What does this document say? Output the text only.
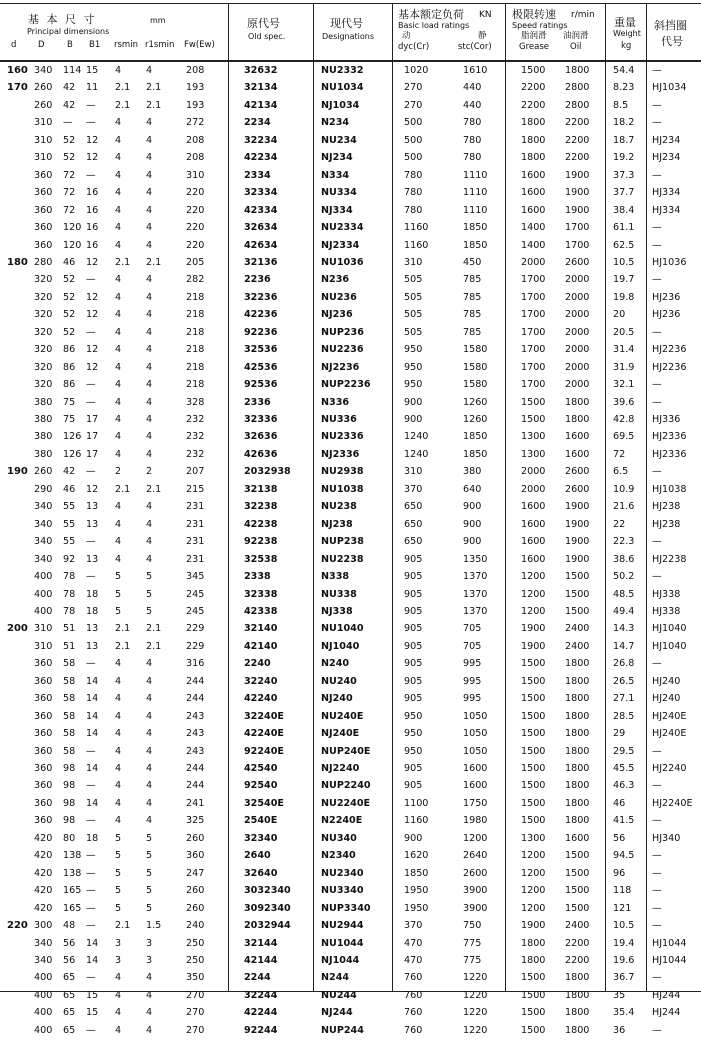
基 本 尺 寸
Principal dimensions
mm
d	D	B B1 rsmin r1smin Fw(Ew)
原代号
Old spec.
现代号
Designations
基本额定负荷 KN
Basic load ratings
动
dyc(Cr)
静
stc(Cor)
极限转速 r/min
Speed ratings
脂润滑
Grease
油润滑
Oil
重量
Weight
kg
斜挡圈
代号
160 340 114 15 4	4	208	32632	NU2332	1020	1610	1500 1800 54.4 —
170 260 42 11 2.1 2.1	193	32134	NU1034	270	440	2200 2800 8.23 HJ1034
260 42 — 2.1 2.1	193	42134	NJ1034	270	440	2200 2800 8.5 —
310 — — 4	4	272	2234	N234	500	780	1800 2200 18.2 —
310 52 12 4	4	208	32234	NU234	500	780	1800 2200 18.7 HJ234
310 52 12 4	4	208	42234	NJ234	500	780	1800 2200 19.2 HJ234
360 72 — 4	4	310	2334	N334	780	1110	1600 1900 37.3 —
360 72 16 4	4	220	32334	NU334	780	1110	1600 1900 37.7 HJ334
360 72 16 4	4	220	42334	NJ334	780	1110	1600 1900 38.4 HJ334
360 120 16 4	4	220	32634	NU2334	1160	1850	1400 1700 61.1 —
360 120 16 4	4	220	42634	NJ2334	1160	1850	1400 1700 62.5 —
180 280 46 12 2.1 2.1	205	32136	NU1036	310	450	2000 2600 10.5 HJ1036
320 52 — 4	4	282	2236	N236	505	785	1700 2000 19.7 —
320 52 12 4	4	218	32236	NU236	505	785	1700 2000 19.8 HJ236
320 52 12 4	4	218	42236	NJ236	505	785	1700 2000 20	HJ236
320 52 — 4	4	218	92236	NUP236	505	785	1700 2000 20.5 —
320 86 12 4	4	218	32536	NU2236	950	1580	1700 2000 31.4 HJ2236
320 86 12 4	4	218	42536	NJ2236	950	1580	1700 2000 31.9 HJ2236
320 86 — 4	4	218	92536	NUP2236	950	1580	1700 2000 32.1 —
380 75 — 4	4	328	2336	N336	900	1260	1500 1800 39.6 —
380 75 17 4	4	232	32336	NU336	900	1260	1500 1800 42.8 HJ336
380 126 17 4	4	232	32636	NU2336	1240	1850	1300 1600 69.5 HJ2336
380 126 17 4	4	232	42636	NJ2336	1240	1850	1300 1600 72	HJ2336
190 260 42 — 2	2	207	2032938	NU2938	310	380	2000 2600 6.5 —
290 46 12 2.1 2.1	215	32138	NU1038	370	640	2000 2600 10.9 HJ1038
340 55 13 4	4	231	32238	NU238	650	900	1600 1900 21.6 HJ238
340 55 13 4	4	231	42238	NJ238	650	900	1600 1900 22	HJ238
340 55 — 4	4	231	92238	NUP238	650	900	1600 1900 22.3 —
340 92 13 4	4	231	32538	NU2238	905	1350	1600 1900 38.6 HJ2238
400 78 — 5	5	345	2338	N338	905	1370	1200 1500 50.2 —
400 78 18 5	5	245	32338	NU338	905	1370	1200 1500 48.5 HJ338
400 78 18 5	5	245	42338	NJ338	905	1370	1200 1500 49.4 HJ338
200 310 51 13 2.1 2.1	229	32140	NU1040	905	705	1900 2400 14.3 HJ1040
310 51 13 2.1 2.1	229	42140	NJ1040	905	705	1900 2400 14.7 HJ1040
360 58 — 4	4	316	2240	N240	905	995	1500 1800 26.8 —
360 58 14 4	4	244	32240	NU240	905	995	1500 1800 26.5 HJ240
360 58 14 4	4	244	42240	NJ240	905	995	1500 1800 27.1 HJ240
360 58 14 4	4	243	32240E	NU240E	950	1050	1500 1800 28.5 HJ240E
360 58 14 4	4	243	42240E	NJ240E	950	1050	1500 1800 29	HJ240E
360 58 — 4	4	243	92240E	NUP240E	950	1050	1500 1800 29.5 —
360 98 14 4	4	244	42540	NJ2240	905	1600	1500 1800 45.5 HJ2240
360 98 — 4	4	244	92540	NUP2240	905	1600	1500 1800 46.3 —
360 98 14 4	4	241	32540E	NU2240E	1100	1750	1500 1800 46	HJ2240E
360 98 — 4	4	325	2540E	N2240E	1160	1980	1500 1800 41.5 —
420 80 18 5	5	260	32340	NU340	900	1200	1300 1600 56	HJ340
420 138 — 5	5	360	2640	N2340	1620	2640	1200 1500 94.5 —
420 138 — 5	5	247	32640	NU2340	1850	2600	1200 1500 96	—
420 165 — 5	5	260	3032340	NU3340	1950	3900	1200 1500 118 —
420 165 — 5	5	260	3092340	NUP3340	1950	3900	1200 1500 121 —
220 300 48 — 2.1 1.5	240	2032944	NU2944	370	750	1900 2400 10.5 —
340 56 14 3	3	250	32144	NU1044	470	775	1800 2200 19.4 HJ1044
340 56 14 3	3	250	42144	NJ1044	470	775	1800 2200 19.6 HJ1044
400 65 — 4	4	350	2244	N244	760	1220	1500 1800 36.7 —
400 65 15 4	4	270	32244	NU244	760	1220	1500 1800 35	HJ244
400 65 15 4	4	270	42244	NJ244	760	1220	1500 1800 35.4 HJ244
400 65 — 4	4	270	92244	NUP244	760	1220	1500 1800 36	—
